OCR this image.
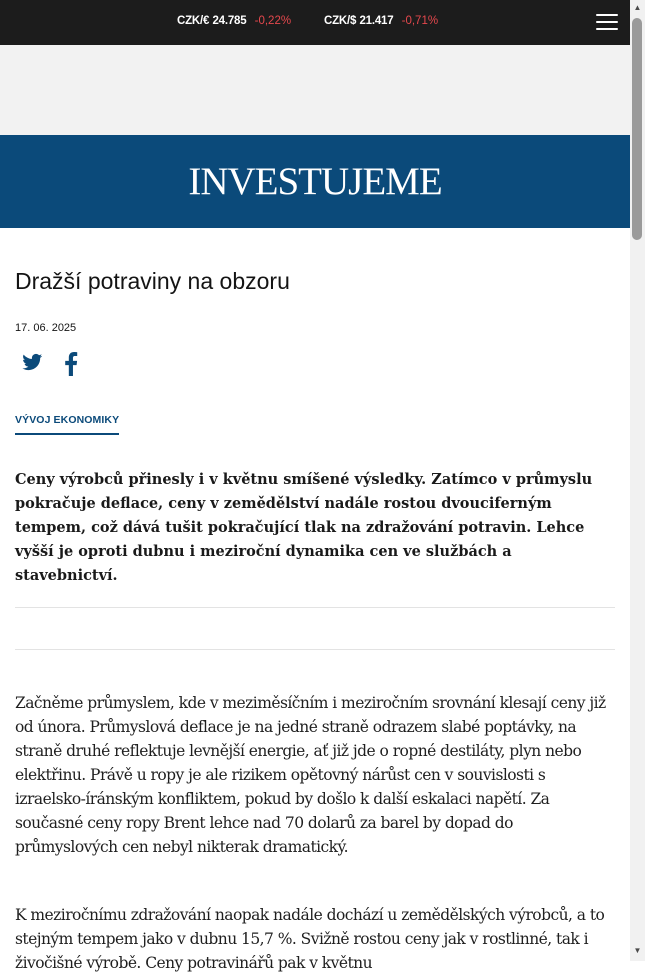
CZK/€ 24.785 -0,22%	CZK/$ 21.417 -0,71%
INVESTUJEME
Dražší potraviny na obzoru
17. 06. 2025
VÝVOJ EKONOMIKY

Ceny výrobců přinesly i v květnu smíšené výsledky. Zatímco v průmyslu pokračuje deflace, ceny v zemědělství nadále rostou dvouciferným tempem, což dává tušit pokračující tlak na zdražování potravin. Lehce vyšší je oproti dubnu i meziroční dynamika cen ve službách a stavebnictví.

Začněme průmyslem, kde v meziměsíčním i meziročním srovnání klesají ceny již od února. Průmyslová deflace je na jedné straně odrazem slabé poptávky, na straně druhé reflektuje levnější energie, ať již jde o ropné destiláty, plyn nebo elektřinu. Právě u ropy je ale rizikem opětovný nárůst cen v souvislosti s izraelsko-íránským konfliktem, pokud by došlo k další eskalaci napětí. Za současné ceny ropy Brent lehce nad 70 dolarů za barel by dopad do průmyslových cen nebyl nikterak dramatický.

K meziročnímu zdražování naopak nadále dochází u zemědělských výrobců, a to stejným tempem jako v dubnu 15,7 %. Svižně rostou ceny jak v rostlinné, tak i živočišné výrobě. Ceny potravinářů pak v květnu

▲
▼
